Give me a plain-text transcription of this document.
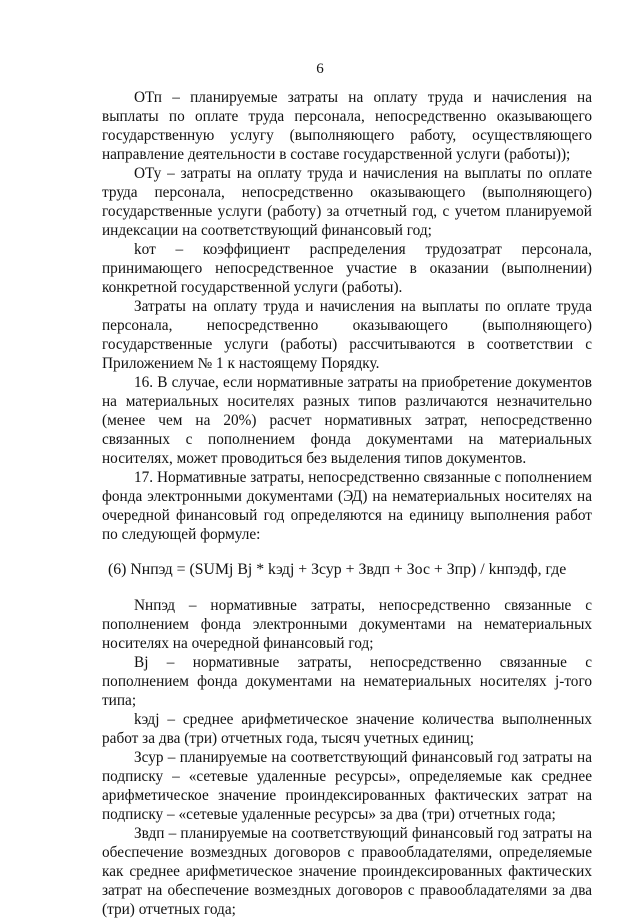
6

ОТп – планируемые затраты на оплату труда и начисления на выплаты по оплате труда персонала, непосредственно оказывающего государственную услугу (выполняющего работу, осуществляющего направление деятельности в составе государственной услуги (работы));

ОТу – затраты на оплату труда и начисления на выплаты по оплате труда персонала, непосредственно оказывающего (выполняющего) государственные услуги (работу) за отчетный год, с учетом планируемой индексации на соответствующий финансовый год;

kот – коэффициент распределения трудозатрат персонала, принимающего непосредственное участие в оказании (выполнении) конкретной государственной услуги (работы).

Затраты на оплату труда и начисления на выплаты по оплате труда персонала, непосредственно оказывающего (выполняющего) государственные услуги (работы) рассчитываются в соответствии с Приложением № 1 к настоящему Порядку.

16. В случае, если нормативные затраты на приобретение документов на материальных носителях разных типов различаются незначительно (менее чем на 20%) расчет нормативных затрат, непосредственно связанных с пополнением фонда документами на материальных носителях, может проводиться без выделения типов документов.

17. Нормативные затраты, непосредственно связанные с пополнением фонда электронными документами (ЭД) на нематериальных носителях на очередной финансовый год определяются на единицу выполнения работ по следующей формуле:

(6) Nнпэд = (SUMj Bj * kэдj + Зсур + Звдп + Зос + Зпр) / kнпэдф, где

Nнпэд – нормативные затраты, непосредственно связанные с пополнением фонда электронными документами на нематериальных носителях на очередной финансовый год;

Bj – нормативные затраты, непосредственно связанные с пополнением фонда документами на нематериальных носителях j-того типа;

kэдj – среднее арифметическое значение количества выполненных работ за два (три) отчетных года, тысяч учетных единиц;

Зсур – планируемые на соответствующий финансовый год затраты на подписку – «сетевые удаленные ресурсы», определяемые как среднее арифметическое значение проиндексированных фактических затрат на подписку – «сетевые удаленные ресурсы» за два (три) отчетных года;

Звдп – планируемые на соответствующий финансовый год затраты на обеспечение возмездных договоров с правообладателями, определяемые как среднее арифметическое значение проиндексированных фактических затрат на обеспечение возмездных договоров с правообладателями за два (три) отчетных года;
